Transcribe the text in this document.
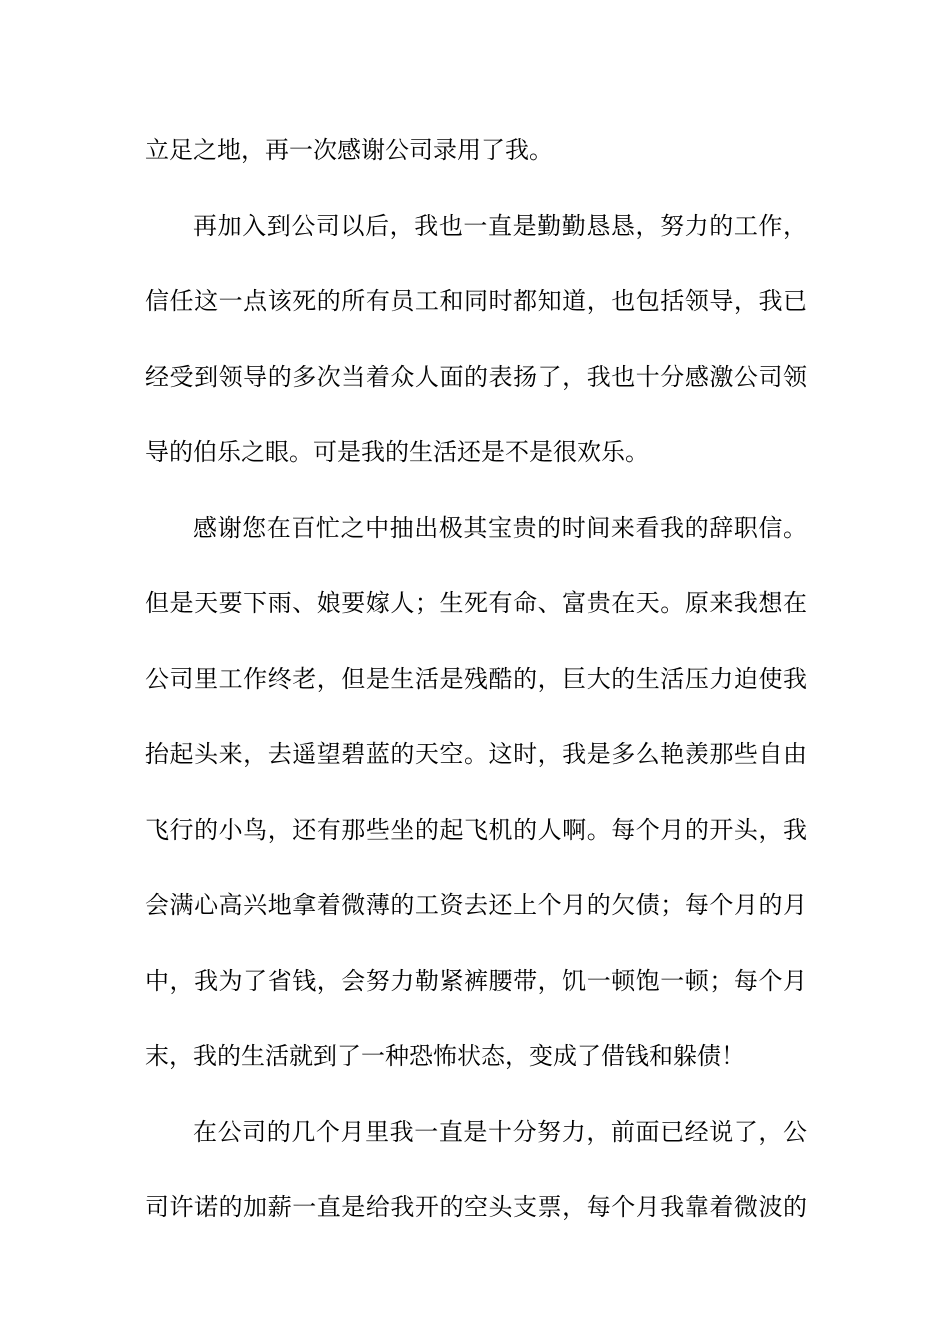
立足之地，再一次感谢公司录用了我。
再加入到公司以后，我也一直是勤勤恳恳，努力的工作，
信任这一点该死的所有员工和同时都知道，也包括领导，我已
经受到领导的多次当着众人面的表扬了，我也十分感激公司领
导的伯乐之眼。可是我的生活还是不是很欢乐。
感谢您在百忙之中抽出极其宝贵的时间来看我的辞职信。
但是天要下雨、娘要嫁人；生死有命、富贵在天。原来我想在
公司里工作终老，但是生活是残酷的，巨大的生活压力迫使我
抬起头来，去遥望碧蓝的天空。这时，我是多么艳羡那些自由
飞行的小鸟，还有那些坐的起飞机的人啊。每个月的开头，我
会满心高兴地拿着微薄的工资去还上个月的欠债；每个月的月
中，我为了省钱，会努力勒紧裤腰带，饥一顿饱一顿；每个月
末，我的生活就到了一种恐怖状态，变成了借钱和躲债！
在公司的几个月里我一直是十分努力，前面已经说了，公
司许诺的加薪一直是给我开的空头支票，每个月我靠着微波的
